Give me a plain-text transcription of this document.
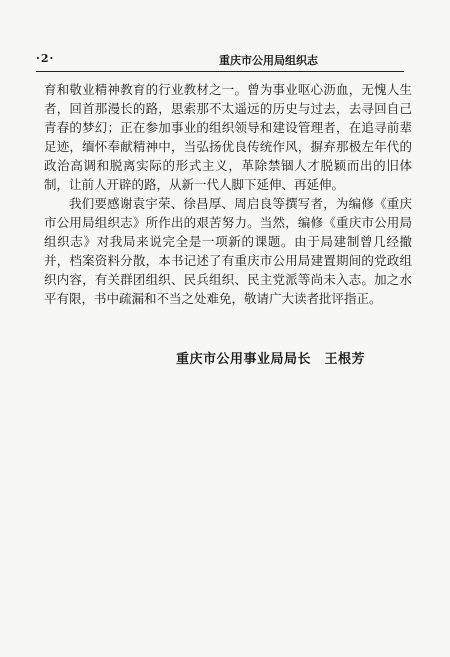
·2·	重庆市公用局组织志

育和敬业精神教育的行业教材之一。曾为事业呕心沥血，无愧人生者，回首那漫长的路，思索那不太遥远的历史与过去，去寻回自己青春的梦幻；正在参加事业的组织领导和建设管理者，在追寻前辈足迹，缅怀奉献精神中，当弘扬优良传统作风，摒弃那极左年代的政治高调和脱离实际的形式主义，革除禁锢人才脱颖而出的旧体制，让前人开辟的路，从新一代人脚下延伸、再延伸。

我们要感谢袁宇荣、徐昌厚、周启良等撰写者，为编修《重庆市公用局组织志》所作出的艰苦努力。当然，编修《重庆市公用局组织志》对我局来说完全是一项新的课题。由于局建制曾几经撤并，档案资料分散，本书记述了有重庆市公用局建置期间的党政组织内容，有关群团组织、民兵组织、民主党派等尚未入志。加之水平有限，书中疏漏和不当之处难免，敬请广大读者批评指正。

重庆市公用事业局局长　王根芳
